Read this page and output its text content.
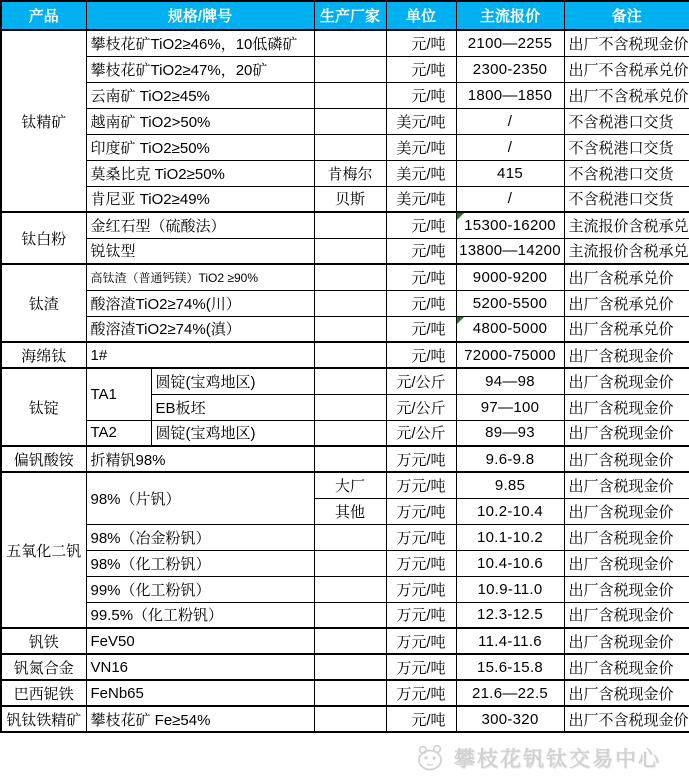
产品	规格/牌号		生产厂家	单位	主流报价	备注
钛精矿	攀枝花矿TiO2≥46%，10低磷矿			元/吨	2100—2255	出厂不含税现金价
	攀枝花矿TiO2≥47%，20矿			元/吨	2300-2350	出厂不含税承兑价
	云南矿 TiO2≥45%			元/吨	1800—1850	出厂不含税承兑价
	越南矿 TiO2>50%			美元/吨	/	不含税港口交货
	印度矿 TiO2≥50%			美元/吨	/	不含税港口交货
	莫桑比克 TiO2≥50%		肯梅尔	美元/吨	415	不含税港口交货
	肯尼亚 TiO2≥49%		贝斯	美元/吨	/	不含税港口交货
钛白粉	金红石型（硫酸法）			元/吨	15300-16200	主流报价含税承兑
	锐钛型			元/吨	13800—14200	主流报价含税承兑
钛渣	高钛渣（普通钙镁）TiO2 ≥90%			元/吨	9000-9200	出厂含税承兑价
	酸溶渣TiO2≥74%(川）			元/吨	5200-5500	出厂含税承兑价
	酸溶渣TiO2≥74%(滇）			元/吨	4800-5000	出厂含税承兑价
海绵钛	1#			元/吨	72000-75000	出厂含税现金价
钛锭	TA1	圆锭(宝鸡地区)		元/公斤	94—98	出厂含税现金价
		EB板坯		元/公斤	97—100	出厂含税现金价
	TA2	圆锭(宝鸡地区)		元/公斤	89—93	出厂含税现金价
偏钒酸铵	折精钒98%			万元/吨	9.6-9.8	出厂含税现金价
五氧化二钒	98%（片钒）		大厂	万元/吨	9.85	出厂含税现金价
			其他	万元/吨	10.2-10.4	出厂含税现金价
	98%（冶金粉钒）			万元/吨	10.1-10.2	出厂含税现金价
	98%（化工粉钒）			万元/吨	10.4-10.6	出厂含税现金价
	99%（化工粉钒）			万元/吨	10.9-11.0	出厂含税现金价
	99.5%（化工粉钒）			万元/吨	12.3-12.5	出厂含税现金价
钒铁	FeV50			万元/吨	11.4-11.6	出厂含税现金价
钒氮合金	VN16			万元/吨	15.6-15.8	出厂含税现金价
巴西铌铁	FeNb65			万元/吨	21.6—22.5	出厂含税现金价
钒钛铁精矿	攀枝花矿 Fe≥54%			元/吨	300-320	出厂不含税现金价
攀枝花钒钛交易中心
